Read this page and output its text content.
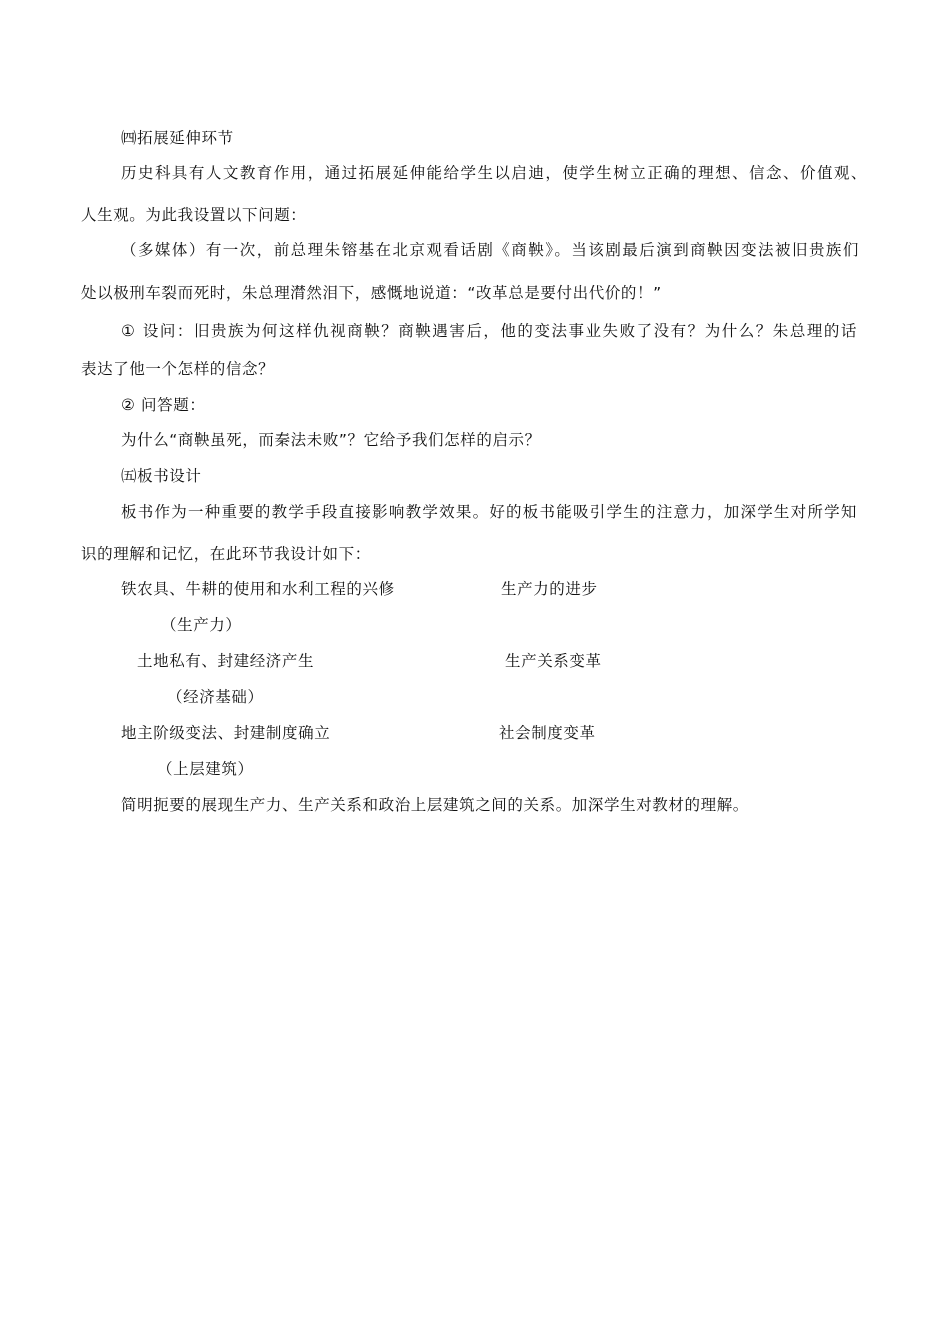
㈣拓展延伸环节
历史科具有人文教育作用，通过拓展延伸能给学生以启迪，使学生树立正确的理想、信念、价值观、
人生观。为此我设置以下问题：
（多媒体）有一次，前总理朱镕基在北京观看话剧《商鞅》。当该剧最后演到商鞅因变法被旧贵族们
处以极刑车裂而死时，朱总理潸然泪下，感慨地说道：“改革总是要付出代价的！”
① 设问：旧贵族为何这样仇视商鞅？商鞅遇害后，他的变法事业失败了没有？为什么？朱总理的话
表达了他一个怎样的信念？
② 问答题：
为什么“商鞅虽死，而秦法未败”？它给予我们怎样的启示？
㈤板书设计
板书作为一种重要的教学手段直接影响教学效果。好的板书能吸引学生的注意力，加深学生对所学知
识的理解和记忆，在此环节我设计如下：
铁农具、牛耕的使用和水利工程的兴修	生产力的进步
（生产力）
土地私有、封建经济产生	生产关系变革
（经济基础）
地主阶级变法、封建制度确立	社会制度变革
（上层建筑）
简明扼要的展现生产力、生产关系和政治上层建筑之间的关系。加深学生对教材的理解。
